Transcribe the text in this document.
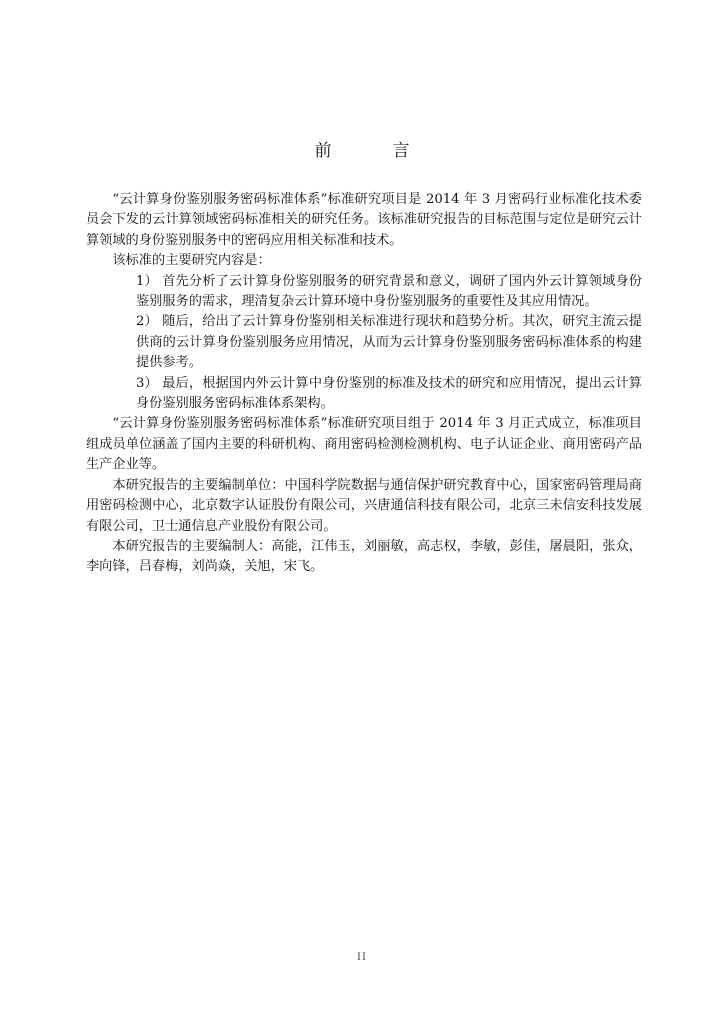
前　言

“云计算身份鉴别服务密码标准体系”标准研究项目是 2014 年 3 月密码行业标准化技术委员会下发的云计算领域密码标准相关的研究任务。该标准研究报告的目标范围与定位是研究云计算领域的身份鉴别服务中的密码应用相关标准和技术。

该标准的主要研究内容是：

1） 首先分析了云计算身份鉴别服务的研究背景和意义，调研了国内外云计算领域身份鉴别服务的需求，理清复杂云计算环境中身份鉴别服务的重要性及其应用情况。

2） 随后，给出了云计算身份鉴别相关标准进行现状和趋势分析。其次，研究主流云提供商的云计算身份鉴别服务应用情况，从而为云计算身份鉴别服务密码标准体系的构建提供参考。

3） 最后，根据国内外云计算中身份鉴别的标准及技术的研究和应用情况，提出云计算身份鉴别服务密码标准体系架构。

“云计算身份鉴别服务密码标准体系”标准研究项目组于 2014 年 3 月正式成立，标准项目组成员单位涵盖了国内主要的科研机构、商用密码检测检测机构、电子认证企业、商用密码产品生产企业等。

本研究报告的主要编制单位：中国科学院数据与通信保护研究教育中心，国家密码管理局商用密码检测中心，北京数字认证股份有限公司，兴唐通信科技有限公司，北京三未信安科技发展有限公司，卫士通信息产业股份有限公司。

本研究报告的主要编制人：高能，江伟玉，刘丽敏，高志权，李敏，彭佳，屠晨阳，张众，李向锋，吕春梅，刘尚焱，关旭，宋飞。

II
